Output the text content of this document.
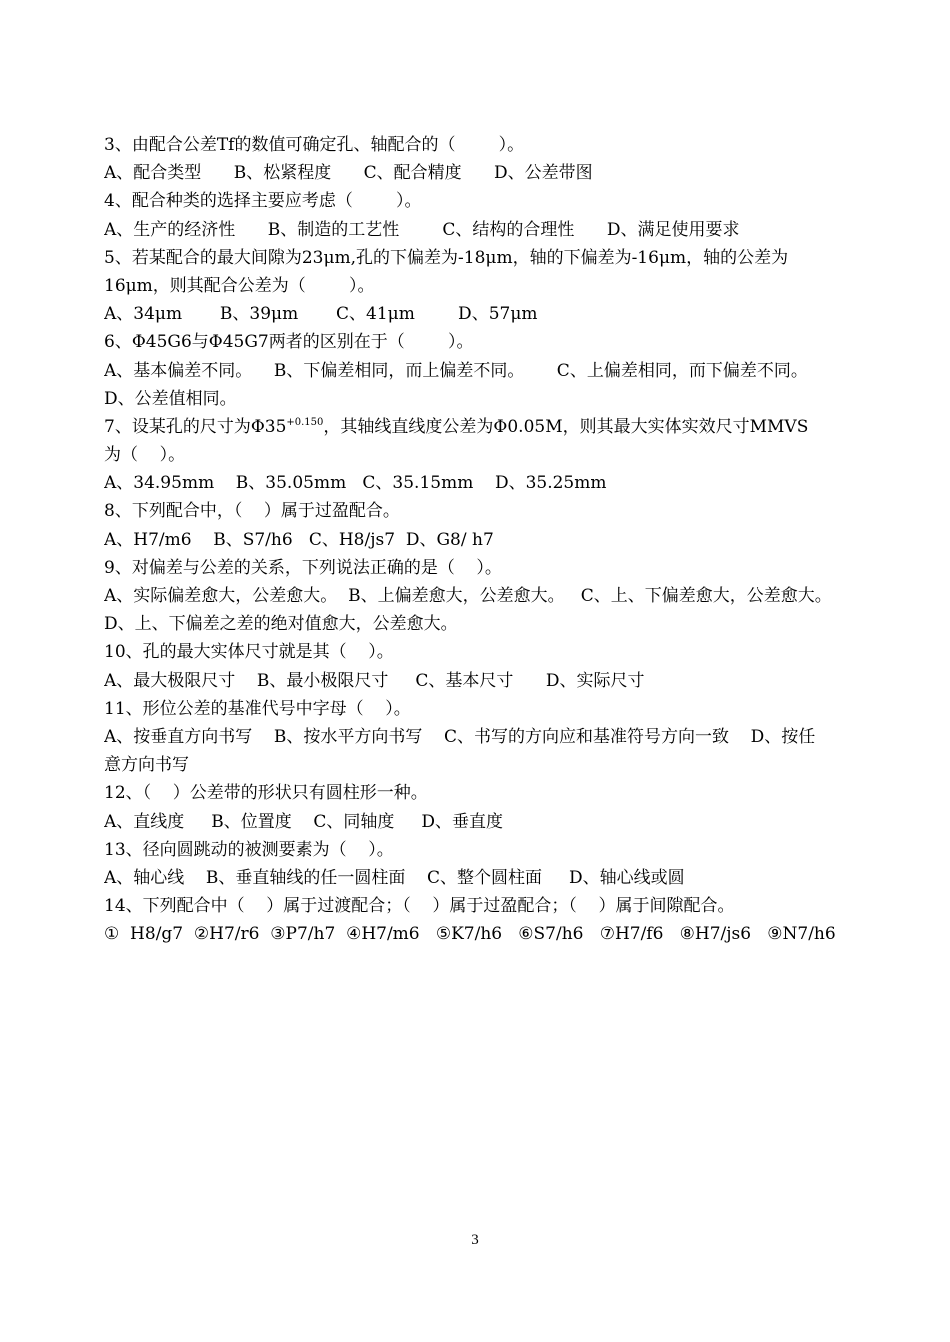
3、由配合公差Tf的数值可确定孔、轴配合的（        ）。
A、配合类型      B、松紧程度      C、配合精度      D、公差带图
4、配合种类的选择主要应考虑（        ）。
A、生产的经济性      B、制造的工艺性        C、结构的合理性      D、满足使用要求
5、若某配合的最大间隙为23μm,孔的下偏差为-18μm，轴的下偏差为-16μm，轴的公差为
16μm，则其配合公差为（        ）。
A、34μm       B、39μm       C、41μm        D、57μm
6、Φ45G6与Φ45G7两者的区别在于（        ）。
A、基本偏差不同。    B、下偏差相同，而上偏差不同。      C、上偏差相同，而下偏差不同。
D、公差值相同。
7、设某孔的尺寸为$\Phi 35^{+0.150}$，其轴线直线度公差为Φ0.05M，则其最大实体实效尺寸MMVS
为（    ）。
A、34.95mm    B、35.05mm   C、35.15mm    D、35.25mm
8、下列配合中，（    ）属于过盈配合。
A、H7/m6    B、S7/h6   C、H8/js7  D、G8/ h7
9、对偏差与公差的关系，下列说法正确的是（    ）。
A、实际偏差愈大，公差愈大。  B、上偏差愈大，公差愈大。   C、上、下偏差愈大，公差愈大。
D、上、下偏差之差的绝对值愈大，公差愈大。
10、孔的最大实体尺寸就是其（    ）。
A、最大极限尺寸    B、最小极限尺寸     C、基本尺寸      D、实际尺寸
11、形位公差的基准代号中字母（    ）。
A、按垂直方向书写    B、按水平方向书写    C、书写的方向应和基准符号方向一致    D、按任
意方向书写
12、（    ）公差带的形状只有圆柱形一种。
A、直线度     B、位置度    C、同轴度     D、垂直度
13、径向圆跳动的被测要素为（    ）。
A、轴心线    B、垂直轴线的任一圆柱面    C、整个圆柱面     D、轴心线或圆
14、下列配合中（    ）属于过渡配合；（    ）属于过盈配合；（    ）属于间隙配合。
①  H8/g7  ②H7/r6  ③P7/h7  ④H7/m6   ⑤K7/h6   ⑥S7/h6   ⑦H7/f6   ⑧H7/js6   ⑨N7/h6
3
